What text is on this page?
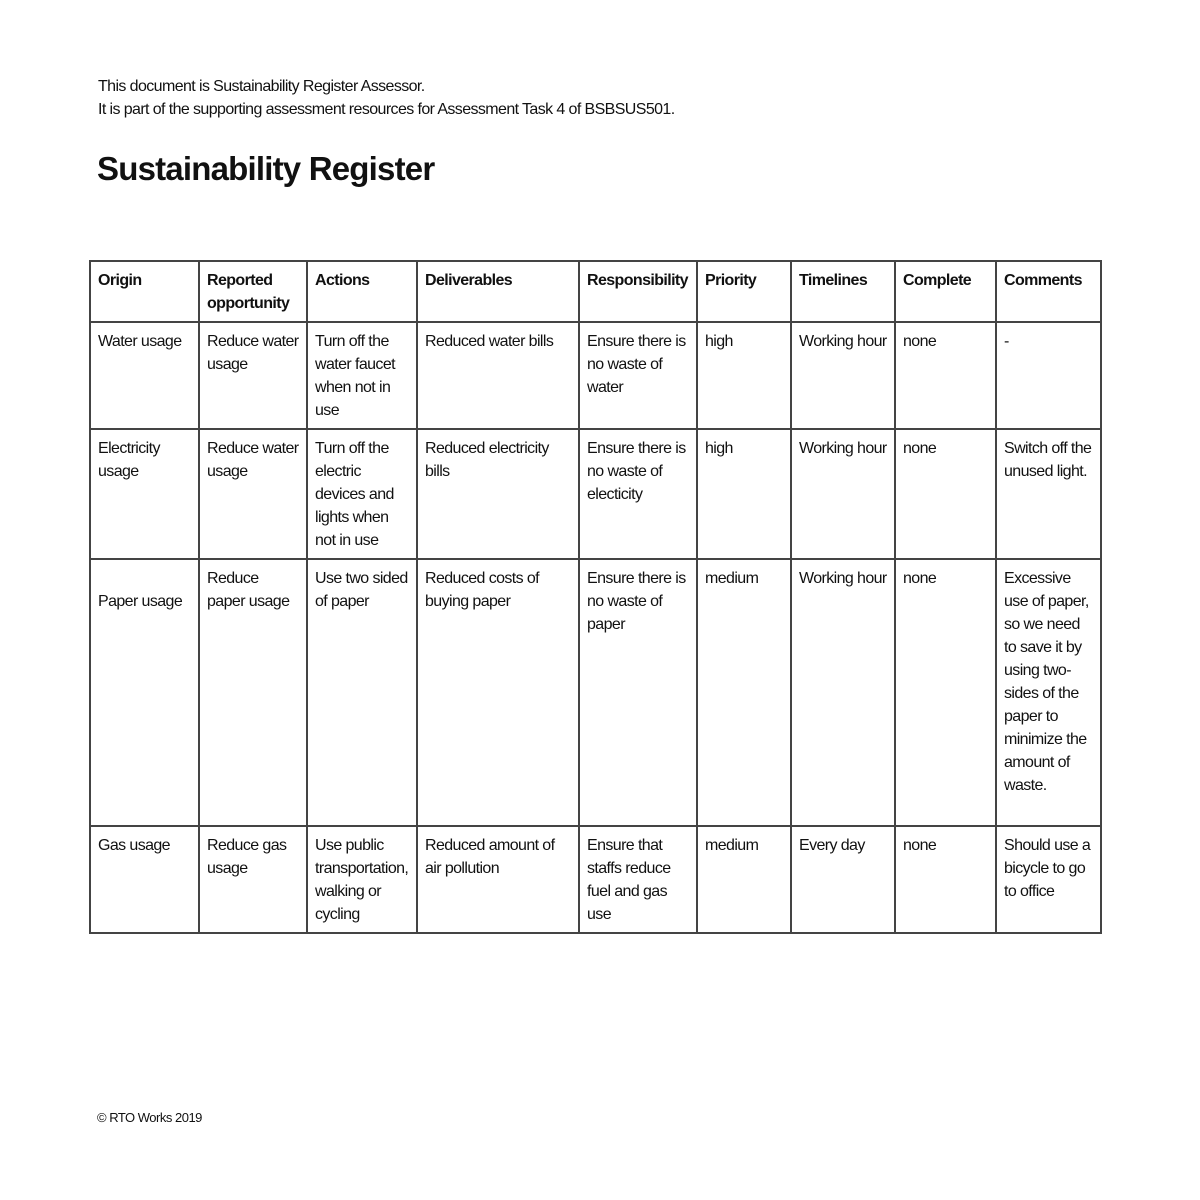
This document is Sustainability Register Assessor.
It is part of the supporting assessment resources for Assessment Task 4 of BSBSUS501.
Sustainability Register
Origin	Reported opportunity	Actions	Deliverables	Responsibility	Priority	Timelines	Complete	Comments
Water usage	Reduce water usage	Turn off the water faucet when not in use	Reduced water bills	Ensure there is no waste of water	high	Working hour	none	-
Electricity usage	Reduce water usage	Turn off the electric devices and lights when not in use	Reduced electricity bills	Ensure there is no waste of electicity	high	Working hour	none	Switch off the unused light.
Paper usage	Reduce paper usage	Use two sided of paper	Reduced costs of buying paper	Ensure there is no waste of paper	medium	Working hour	none	Excessive use of paper, so we need to save it by using two-sides of the paper to minimize the amount of waste.
Gas usage	Reduce gas usage	Use public transportation, walking or cycling	Reduced amount of air pollution	Ensure that staffs reduce fuel and gas use	medium	Every day	none	Should use a bicycle to go to office
© RTO Works 2019
